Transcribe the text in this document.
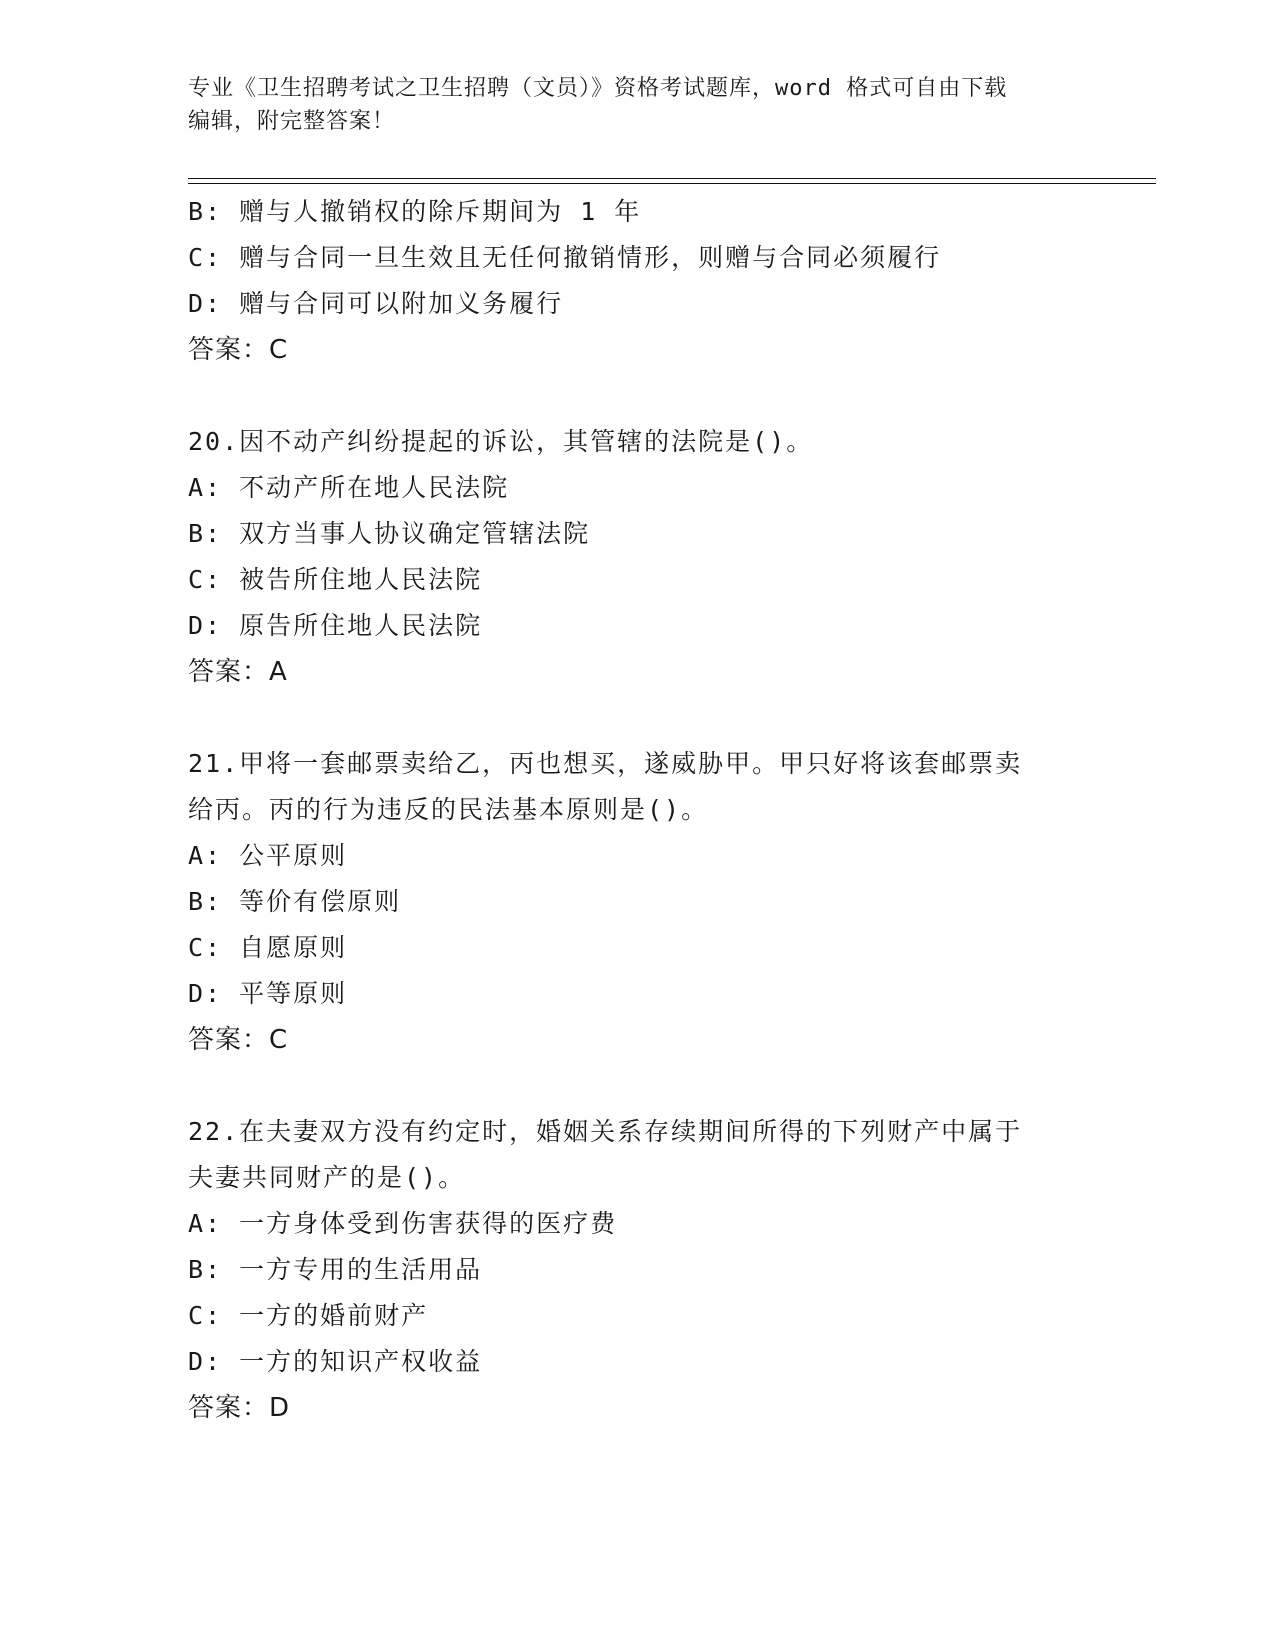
专业《卫生招聘考试之卫生招聘（文员）》资格考试题库，word 格式可自由下载
编辑，附完整答案！
B: 赠与人撤销权的除斥期间为 1 年
C: 赠与合同一旦生效且无任何撤销情形，则赠与合同必须履行
D: 赠与合同可以附加义务履行
答案：C
20.因不动产纠纷提起的诉讼，其管辖的法院是()。
A: 不动产所在地人民法院
B: 双方当事人协议确定管辖法院
C: 被告所住地人民法院
D: 原告所住地人民法院
答案：A
21.甲将一套邮票卖给乙，丙也想买，遂威胁甲。甲只好将该套邮票卖
给丙。丙的行为违反的民法基本原则是()。
A: 公平原则
B: 等价有偿原则
C: 自愿原则
D: 平等原则
答案：C
22.在夫妻双方没有约定时，婚姻关系存续期间所得的下列财产中属于
夫妻共同财产的是()。
A: 一方身体受到伤害获得的医疗费
B: 一方专用的生活用品
C: 一方的婚前财产
D: 一方的知识产权收益
答案：D
